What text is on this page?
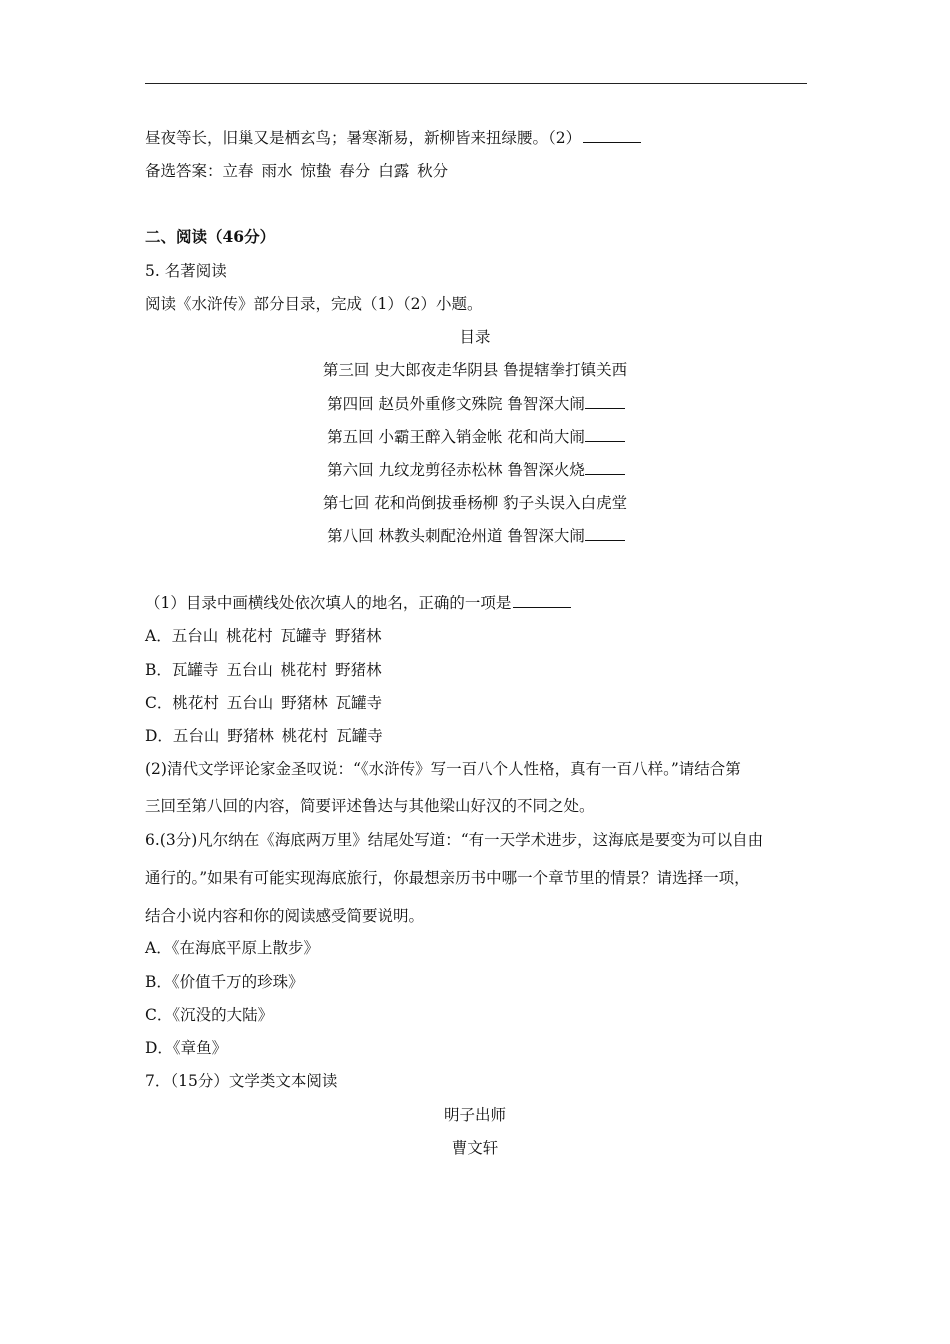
昼夜等长，旧巢又是栖玄鸟；暑寒渐易，新柳皆来扭绿腰。（2）
备选答案：立春 雨水 惊蛰 春分 白露 秋分
二、阅读（46分）
5. 名著阅读
阅读《水浒传》部分目录，完成（1）（2）小题。
目录
第三回 史大郎夜走华阴县 鲁提辖拳打镇关西
第四回 赵员外重修文殊院 鲁智深大闹
第五回 小霸王醉入销金帐 花和尚大闹
第六回 九纹龙剪径赤松林 鲁智深火烧
第七回 花和尚倒拔垂杨柳 豹子头误入白虎堂
第八回 林教头刺配沧州道 鲁智深大闹
（1）目录中画横线处依次填人的地名，正确的一项是
A．五台山 桃花村 瓦罐寺 野猪林
B．瓦罐寺 五台山 桃花村 野猪林
C．桃花村 五台山 野猪林 瓦罐寺
D．五台山 野猪林 桃花村 瓦罐寺
(2)清代文学评论家金圣叹说：“《水浒传》写一百八个人性格，真有一百八样。”请结合第
三回至第八回的内容，简要评述鲁达与其他梁山好汉的不同之处。
6.(3分)凡尔纳在《海底两万里》结尾处写道：“有一天学术进步，这海底是要变为可以自由
通行的。”如果有可能实现海底旅行，你最想亲历书中哪一个章节里的情景？请选择一项，
结合小说内容和你的阅读感受简要说明。
A．《在海底平原上散步》
B．《价值千万的珍珠》
C．《沉没的大陆》
D．《章鱼》
7．（15分）文学类文本阅读
明子出师
曹文轩
